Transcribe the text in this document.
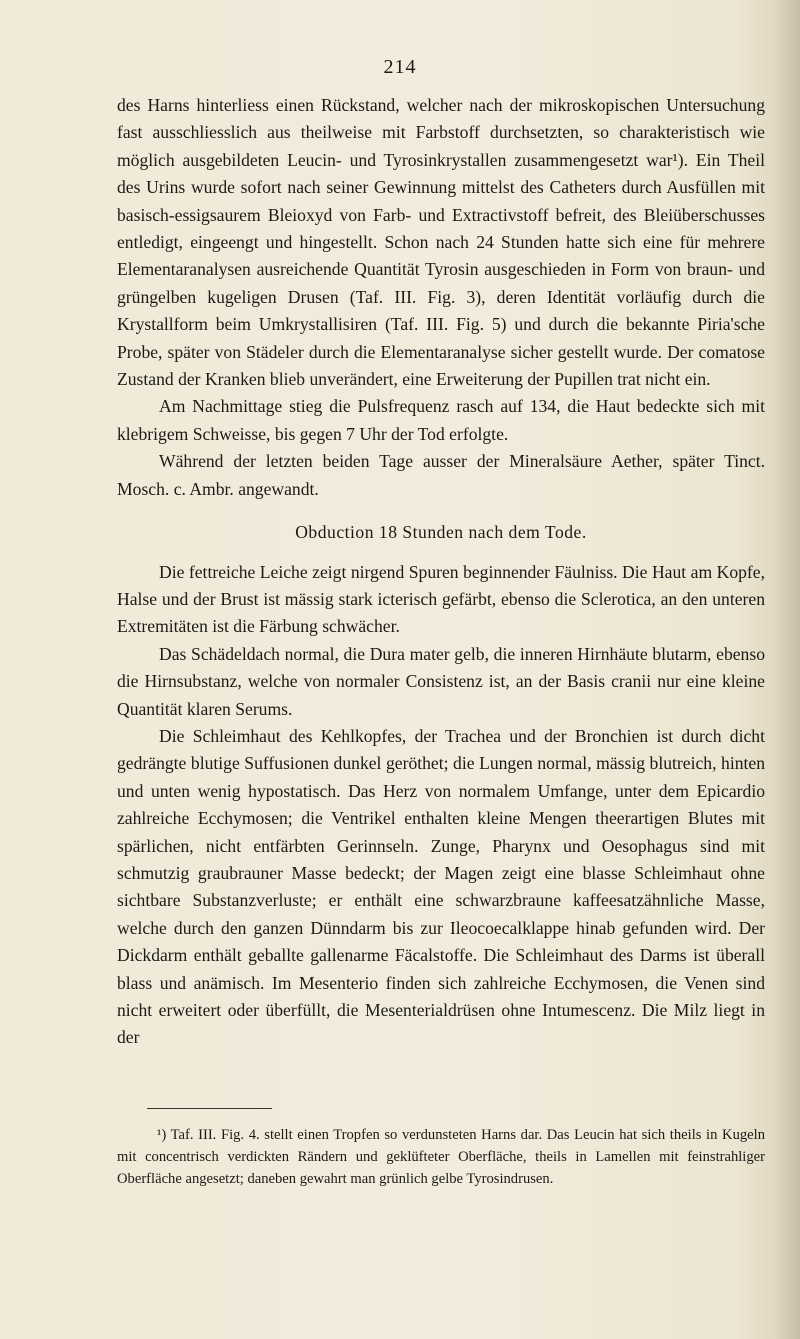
214

des Harns hinterliess einen Rückstand, welcher nach der mikroskopischen Untersuchung fast ausschliesslich aus theilweise mit Farbstoff durchsetzten, so charakteristisch wie möglich ausgebildeten Leucin- und Tyrosinkrystallen zusammengesetzt war¹). Ein Theil des Urins wurde sofort nach seiner Gewinnung mittelst des Catheters durch Ausfüllen mit basisch-essigsaurem Bleioxyd von Farb- und Extractivstoff befreit, des Bleiüberschusses entledigt, eingeengt und hingestellt. Schon nach 24 Stunden hatte sich eine für mehrere Elementaranalysen ausreichende Quantität Tyrosin ausgeschieden in Form von braun- und grüngelben kugeligen Drusen (Taf. III. Fig. 3), deren Identität vorläufig durch die Krystallform beim Umkrystallisiren (Taf. III. Fig. 5) und durch die bekannte Piria'sche Probe, später von Städeler durch die Elementaranalyse sicher gestellt wurde. Der comatose Zustand der Kranken blieb unverändert, eine Erweiterung der Pupillen trat nicht ein.

Am Nachmittage stieg die Pulsfrequenz rasch auf 134, die Haut bedeckte sich mit klebrigem Schweisse, bis gegen 7 Uhr der Tod erfolgte.

Während der letzten beiden Tage ausser der Mineralsäure Aether, später Tinct. Mosch. c. Ambr. angewandt.

Obduction 18 Stunden nach dem Tode.

Die fettreiche Leiche zeigt nirgend Spuren beginnender Fäulniss. Die Haut am Kopfe, Halse und der Brust ist mässig stark icterisch gefärbt, ebenso die Sclerotica, an den unteren Extremitäten ist die Färbung schwächer.

Das Schädeldach normal, die Dura mater gelb, die inneren Hirnhäute blutarm, ebenso die Hirnsubstanz, welche von normaler Consistenz ist, an der Basis cranii nur eine kleine Quantität klaren Serums.

Die Schleimhaut des Kehlkopfes, der Trachea und der Bronchien ist durch dicht gedrängte blutige Suffusionen dunkel geröthet; die Lungen normal, mässig blutreich, hinten und unten wenig hypostatisch. Das Herz von normalem Umfange, unter dem Epicardio zahlreiche Ecchymosen; die Ventrikel enthalten kleine Mengen theerartigen Blutes mit spärlichen, nicht entfärbten Gerinnseln. Zunge, Pharynx und Oesophagus sind mit schmutzig graubrauner Masse bedeckt; der Magen zeigt eine blasse Schleimhaut ohne sichtbare Substanzverluste; er enthält eine schwarzbraune kaffeesatzähnliche Masse, welche durch den ganzen Dünndarm bis zur Ileocoecalklappe hinab gefunden wird. Der Dickdarm enthält geballte gallenarme Fäcalstoffe. Die Schleimhaut des Darms ist überall blass und anämisch. Im Mesenterio finden sich zahlreiche Ecchymosen, die Venen sind nicht erweitert oder überfüllt, die Mesenterialdrüsen ohne Intumescenz. Die Milz liegt in der

¹) Taf. III. Fig. 4. stellt einen Tropfen so verdunsteten Harns dar. Das Leucin hat sich theils in Kugeln mit concentrisch verdickten Rändern und geklüfteter Oberfläche, theils in Lamellen mit feinstrahliger Oberfläche angesetzt; daneben gewahrt man grünlich gelbe Tyrosindrusen.
